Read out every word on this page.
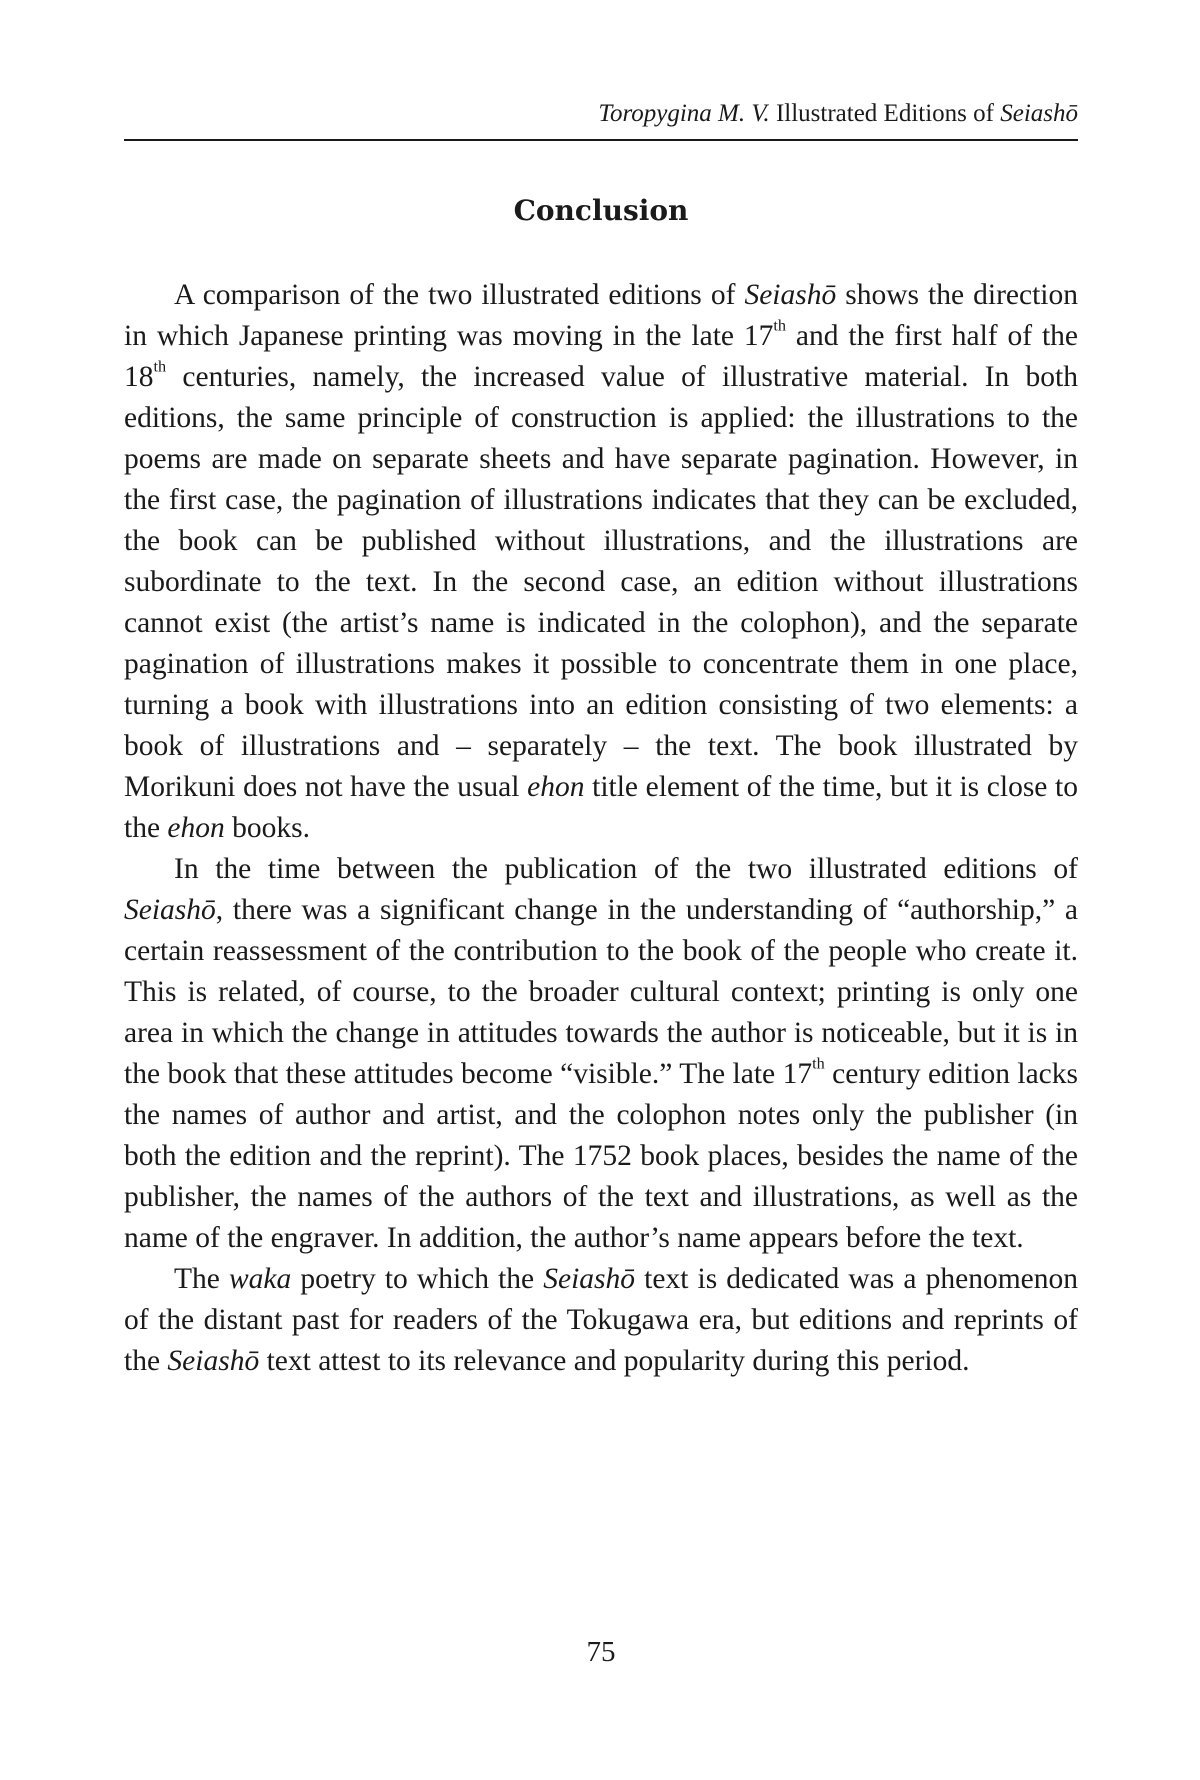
Toropygina M. V. Illustrated Editions of Seiashō
Conclusion

A comparison of the two illustrated editions of Seiashō shows the direction in which Japanese printing was moving in the late 17th and the first half of the 18th centuries, namely, the increased value of illustrative material. In both editions, the same principle of construction is applied: the illustrations to the poems are made on separate sheets and have separate pagination. However, in the first case, the pagination of illustrations indicates that they can be excluded, the book can be published without illustrations, and the illustrations are subordinate to the text. In the second case, an edition without illustrations cannot exist (the artist’s name is indicated in the colophon), and the separate pagination of illustrations makes it possible to concentrate them in one place, turning a book with illustrations into an edition consisting of two elements: a book of illustrations and – separately – the text. The book illustrated by Morikuni does not have the usual ehon title element of the time, but it is close to the ehon books.

In the time between the publication of the two illustrated editions of Seiashō, there was a significant change in the understanding of “authorship,” a certain reassessment of the contribution to the book of the people who create it. This is related, of course, to the broader cultural context; printing is only one area in which the change in attitudes towards the author is noticeable, but it is in the book that these attitudes become “visible.” The late 17th century edition lacks the names of author and artist, and the colophon notes only the publisher (in both the edition and the reprint). The 1752 book places, besides the name of the publisher, the names of the authors of the text and illustrations, as well as the name of the engraver. In addition, the author’s name appears before the text.

The waka poetry to which the Seiashō text is dedicated was a phenomenon of the distant past for readers of the Tokugawa era, but editions and reprints of the Seiashō text attest to its relevance and popularity during this period.

75
